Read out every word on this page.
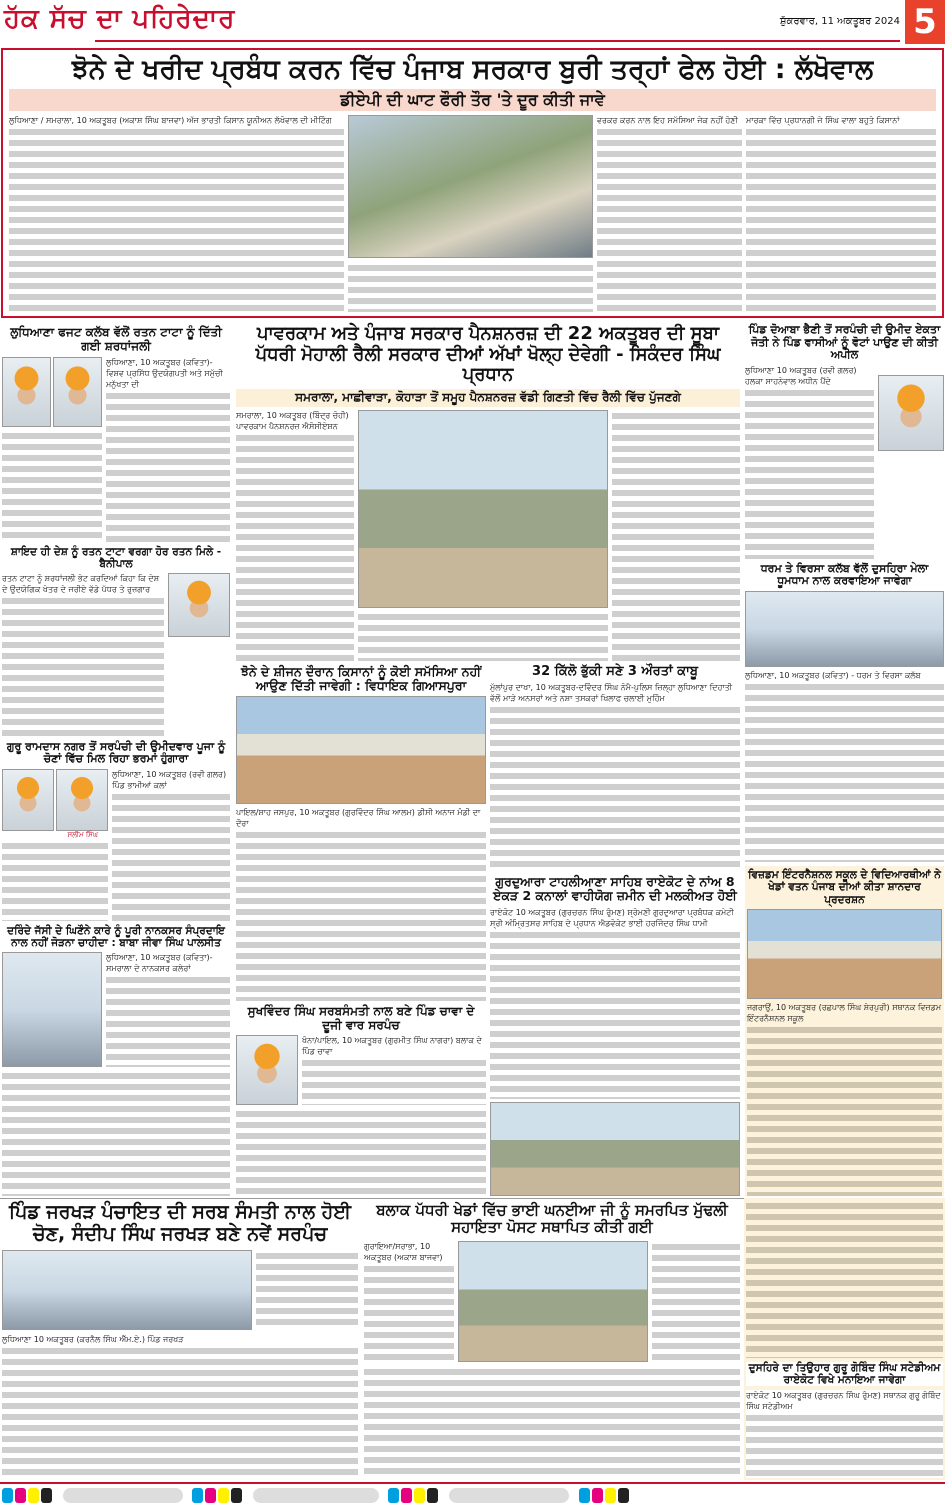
ਹੱਕ ਸੱਚ ਦਾ ਪਹਿਰੇਦਾਰ	ਸ਼ੁੱਕਰਵਾਰ, 11 ਅਕਤੂਬਰ 2024 5
ਝੋਨੇ ਦੇ ਖਰੀਦ ਪ੍ਰਬੰਧ ਕਰਨ ਵਿੱਚ ਪੰਜਾਬ ਸਰਕਾਰ ਬੁਰੀ ਤਰ੍ਹਾਂ ਫੇਲ ਹੋਈ : ਲੱਖੋਵਾਲ
ਡੀਏਪੀ ਦੀ ਘਾਟ ਫੌਰੀ ਤੌਰ 'ਤੇ ਦੂਰ ਕੀਤੀ ਜਾਵੇ
ਲੁਧਿਆਣਾ / ਸਮਰਾਲਾ, 10 ਅਕਤੂਬਰ (ਅਕਾਸ਼ ਸਿੰਘ ਬਾਜਵਾ) ਅੱਜ ਭਾਰਤੀ ਕਿਸਾਨ ਯੂਨੀਅਨ ਲੱਖੋਵਾਲ ਦੀ ਮੀਟਿੰਗ	ਵਰਕਰ ਕਰਨ ਨਾਲ ਇਹ ਸਮੱਸਿਆ ਜੇਕ ਨਹੀਂ ਹੋਣੀ	ਮਾਰਕਾ ਵਿੱਚ ਪ੍ਰਧਾਨਗੀ ਜੇ ਸਿੰਘ ਵਾਲਾ ਬਹੁਤੇ ਕਿਸਾਨਾਂ
ਲੁਧਿਆਣਾ ਫਜਟ ਕਲੱਬ ਵੱਲੋਂ ਰਤਨ ਟਾਟਾ ਨੂੰ ਦਿੱਤੀ ਗਈ ਸ਼ਰਧਾਂਜਲੀ
ਲੁਧਿਆਣਾ, 10 ਅਕਤੂਬਰ (ਕਵਿਤਾ)- ਵਿਸ਼ਵ ਪ੍ਰਸਿੱਧ ਉਦਯੋਗਪਤੀ ਅਤੇ ਸਮੁੱਚੀ ਮਨੁੱਖਤਾ ਦੀ
ਸ਼ਾਇਦ ਹੀ ਦੇਸ਼ ਨੂੰ ਰਤਨ ਟਾਟਾ ਵਰਗਾ ਹੋਰ ਰਤਨ ਮਿਲੇ - ਬੈਨੀਪਾਲ
ਰਤਨ ਟਾਟਾ ਨੂੰ ਸ਼ਰਧਾਂਜਲੀ ਭੇਟ ਕਰਦਿਆਂ ਕਿਹਾ ਕਿ ਦੇਸ਼ ਦੇ ਉਦਯੋਗਿਕ ਖੇਤਰ ਦੇ ਜਰੀਏ ਵੱਡੇ ਪੱਧਰ ਤੇ ਰੁਜ਼ਗਾਰ
ਗੁਰੂ ਰਾਮਦਾਸ ਨਗਰ ਤੋਂ ਸਰਪੰਚੀ ਦੀ ਉਮੀਦਵਾਰ ਪੂਜਾ ਨੂੰ ਚੋਣਾਂ ਵਿੱਚ ਮਿਲ ਰਿਹਾ ਭਰਮਾਂ ਹੁੰਗਾਰਾ
ਸਲੀਮ ਸਿੰਘ
ਲੁਧਿਆਣਾ, 10 ਅਕਤੂਬਰ (ਰਵੀ ਗਲਰ) ਪਿੰਡ ਭਾਮੀਆਂ ਕਲਾਂ
ਦਰਿੰਦੇ ਜੱਸੀ ਦੇ ਘਿਣੌਨੇ ਕਾਰੇ ਨੂੰ ਪੂਰੀ ਨਾਨਕਸਰ ਸੰਪ੍ਰਦਾਇ ਨਾਲ ਨਹੀਂ ਜੋੜਨਾ ਚਾਹੀਦਾ : ਬਾਬਾ ਜੀਵਾ ਸਿੰਘ ਪਾਲਸੀਤ
ਲੁਧਿਆਣਾ, 10 ਅਕਤੂਬਰ (ਕਵਿਤਾ)- ਸਮਰਾਲਾ ਦੇ ਨਾਨਕਸਰ ਕਲੇਰਾਂ
ਪਾਵਰਕਾਮ ਅਤੇ ਪੰਜਾਬ ਸਰਕਾਰ ਪੈਨਸ਼ਨਰਜ਼ ਦੀ 22 ਅਕਤੂਬਰ ਦੀ ਸੂਬਾ ਪੱਧਰੀ ਮੋਹਾਲੀ ਰੈਲੀ ਸਰਕਾਰ ਦੀਆਂ ਅੱਖਾਂ ਖੋਲ੍ਹ ਦੇਵੇਗੀ - ਸਿਕੰਦਰ ਸਿੰਘ ਪ੍ਰਧਾਨ
ਸਮਰਾਲਾ, ਮਾਛੀਵਾੜਾ, ਕੋਹਾੜਾ ਤੋਂ ਸਮੂਹ ਪੈਨਸ਼ਨਰਜ਼ ਵੱਡੀ ਗਿਣਤੀ ਵਿੱਚ ਰੈਲੀ ਵਿੱਚ ਪੁੱਜਣਗੇ
ਸਮਰਾਲਾ, 10 ਅਕਤੂਬਰ (ਬਿੰਦ੍ਰ ਚੋਹੀ) ਪਾਵਰਕਾਮ ਪੈਨਸ਼ਨਰਜ਼ ਐਸੋਸੀਏਸ਼ਨ
ਝੋਨੇ ਦੇ ਸ਼ੀਜਨ ਦੌਰਾਨ ਕਿਸਾਨਾਂ ਨੂੰ ਕੋਈ ਸਮੱਸਿਆ ਨਹੀਂ ਆਉਣ ਦਿੱਤੀ ਜਾਵੇਗੀ : ਵਿਧਾਇਕ ਗਿਆਸਪੁਰਾ
ਪਾਇਲ/ਸ਼ਾਹ ਜਸਪੁਰ, 10 ਅਕਤੂਬਰ (ਗੁਰਵਿੰਦਰ ਸਿੰਘ ਆਲਮ) ਡੀਸੀ ਅਨਾਜ ਮੰਡੀ ਦਾ ਦੌਰਾ
ਸੁਖਵਿੰਦਰ ਸਿੰਘ ਸਰਬਸੰਮਤੀ ਨਾਲ ਬਣੇ ਪਿੰਡ ਚਾਵਾ ਦੇ ਦੂਜੀ ਵਾਰ ਸਰਪੰਚ
ਖੰਨਾ/ਪਾਇਲ, 10 ਅਕਤੂਬਰ (ਗੁਰਮੀਤ ਸਿੰਘ ਨਾਗਰਾ) ਬਲਾਕ ਦੇ ਪਿੰਡ ਚਾਵਾ
32 ਕਿੱਲੋ ਭੁੱਕੀ ਸਣੇ 3 ਔਰਤਾਂ ਕਾਬੂ
ਮੁੱਲਾਂਪੁਰ ਦਾਖਾ, 10 ਅਕਤੂਬਰ-ਦਵਿੰਦਰ ਸਿੰਘ ਨੋਮੈ-ਪੁਲਿਸ ਜ਼ਿਲ੍ਹਾ ਲੁਧਿਆਣਾ ਦਿਹਾਤੀ ਵੱਲੋਂ ਮਾੜੇ ਅਨਸਰਾਂ ਅਤੇ ਨਸ਼ਾ ਤਸਕਰਾਂ ਖਿਲਾਫ ਚਲਾਈ ਮੁਹਿੰਮ
ਗੁਰਦੁਆਰਾ ਟਾਹਲੀਆਣਾ ਸਾਹਿਬ ਰਾਏਕੋਟ ਦੇ ਨਾਂਅ 8 ਏਕੜ 2 ਕਨਾਲਾਂ ਵਾਹੀਯੋਗ ਜ਼ਮੀਨ ਦੀ ਮਲਕੀਅਤ ਹੋਈ
ਰਾਏਕੋਟ 10 ਅਕਤੂਬਰ (ਗੁਰਚਰਨ ਸਿੰਘ ਰੁੰਮਣ) ਸ਼੍ਰੋਮਣੀ ਗੁਰਦੁਆਰਾ ਪ੍ਰਬੰਧਕ ਕਮੇਟੀ ਸ੍ਰੀ ਅੰਮ੍ਰਿਤਸਰ ਸਾਹਿਬ ਦੇ ਪ੍ਰਧਾਨ ਐਡਵੋਕੇਟ ਭਾਈ ਹਰਜਿੰਦਰ ਸਿੰਘ ਧਾਮੀ
ਪਿੰਡ ਦੋਆਬਾ ਭੈਣੀ ਤੋਂ ਸਰਪੰਚੀ ਦੀ ਉਮੀਦ ਏਕਤਾ ਜੋਤੀ ਨੇ ਪਿੰਡ ਵਾਸੀਆਂ ਨੂੰ ਵੋਟਾਂ ਪਾਉਣ ਦੀ ਕੀਤੀ ਅਪੀਲ
ਲੁਧਿਆਣਾ 10 ਅਕਤੂਬਰ (ਰਵੀ ਗਲਰ) ਹਲਕਾ ਸਾਹਨੇਵਾਲ ਅਧੀਨ ਪੈਂਦੇ
ਧਰਮ ਤੇ ਵਿਰਸਾ ਕਲੱਬ ਵੱਲੋਂ ਦੁਸਹਿਰਾ ਮੇਲਾ ਧੂਮਧਾਮ ਨਾਲ ਕਰਵਾਇਆ ਜਾਵੇਗਾ
ਲੁਧਿਆਣਾ, 10 ਅਕਤੂਬਰ (ਕਵਿਤਾ) - ਧਰਮ ਤੇ ਵਿਰਸਾ ਕਲੱਬ
ਵਿਜ਼ਡਮ ਇੰਟਰਨੈਸ਼ਨਲ ਸਕੂਲ ਦੇ ਵਿਦਿਆਰਥੀਆਂ ਨੇ ਖੇਡਾਂ ਵਤਨ ਪੰਜਾਬ ਦੀਆਂ ਕੀਤਾ ਸ਼ਾਨਦਾਰ ਪ੍ਰਦਰਸ਼ਨ
ਜਗਰਾਉਂ, 10 ਅਕਤੂਬਰ (ਰਛਪਾਲ ਸਿੰਘ ਸ਼ੇਰਪੁਰੀ) ਸਥਾਨਕ ਵਿਜ਼ਡਮ ਇੰਟਰਨੈਸ਼ਨਲ ਸਕੂਲ
ਪਿੰਡ ਜਰਖੜ ਪੰਚਾਇਤ ਦੀ ਸਰਬ ਸੰਮਤੀ ਨਾਲ ਹੋਈ ਚੋਣ, ਸੰਦੀਪ ਸਿੰਘ ਜਰਖੜ ਬਣੇ ਨਵੇਂ ਸਰਪੰਚ
ਲੁਧਿਆਣਾ 10 ਅਕਤੂਬਰ (ਕਰਨੈਲ ਸਿੰਘ ਐੱਮ.ਏ.) ਪਿੰਡ ਜਰਖੜ
ਬਲਾਕ ਪੱਧਰੀ ਖੇਡਾਂ ਵਿੱਚ ਭਾਈ ਘਨਈਆ ਜੀ ਨੂੰ ਸਮਰਪਿਤ ਮੁੱਢਲੀ ਸਹਾਇਤਾ ਪੋਸਟ ਸਥਾਪਿਤ ਕੀਤੀ ਗਈ
ਗੁਰਾਇਆ/ਸਰਾਭਾ, 10 ਅਕਤੂਬਰ (ਅਕਾਸ਼ ਬਾਜਵਾ)
ਦੁਸਹਿਰੇ ਦਾ ਤਿਉਹਾਰ ਗੁਰੂ ਗੋਬਿੰਦ ਸਿੰਘ ਸਟੇਡੀਅਮ ਰਾਏਕੋਟ ਵਿਖੇ ਮਨਾਇਆ ਜਾਵੇਗਾ
ਰਾਏਕੋਟ 10 ਅਕਤੂਬਰ (ਗੁਰਚਰਨ ਸਿੰਘ ਰੁੰਮਣ) ਸਥਾਨਕ ਗੁਰੂ ਗੋਬਿੰਦ ਸਿੰਘ ਸਟੇਡੀਅਮ
